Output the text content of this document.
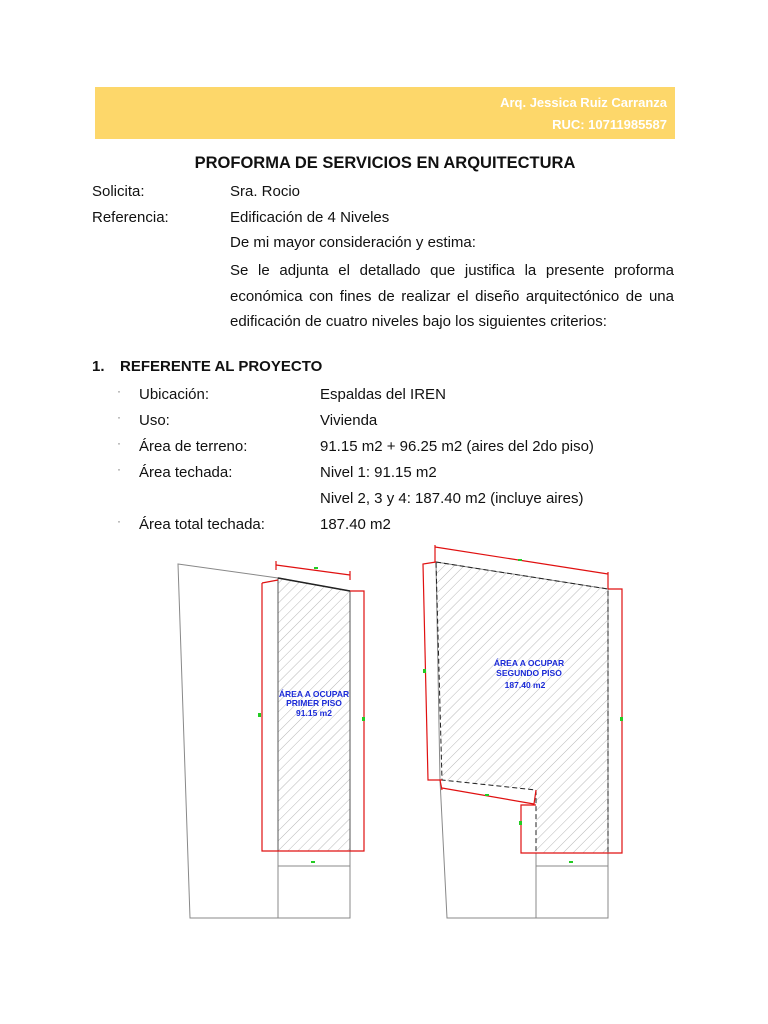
Arq. Jessica Ruiz Carranza
RUC: 10711985587
PROFORMA DE SERVICIOS EN ARQUITECTURA
Solicita:	Sra. Rocio
Referencia:	Edificación de 4 Niveles
De mi mayor consideración y estima:
Se le adjunta el detallado que justifica la presente proforma económica con fines de realizar el diseño arquitectónico de una edificación de cuatro niveles bajo los siguientes criterios:
1. REFERENTE AL PROYECTO
· Ubicación:	Espaldas del IREN
· Uso:	Vivienda
· Área de terreno:	91.15 m2 + 96.25 m2 (aires del 2do piso)
· Área techada:	Nivel 1: 91.15 m2
Nivel 2, 3 y 4: 187.40 m2 (incluye aires)
· Área total techada:	187.40 m2
ÁREA A OCUPAR
PRIMER PISO
91.15 m2
ÁREA A OCUPAR
SEGUNDO PISO
187.40 m2
